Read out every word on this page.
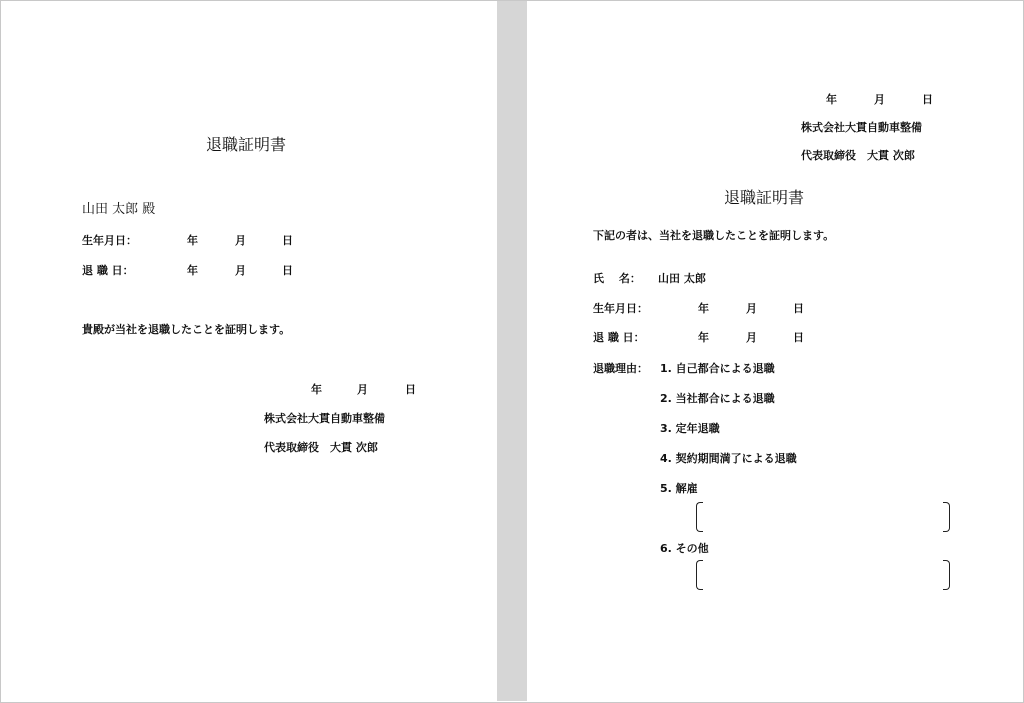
退職証明書
山田 太郎 殿
生年月日：	年	月	日
退 職 日：	年	月	日
貴殿が当社を退職したことを証明します。
年	月	日
株式会社大貫自動車整備
代表取締役　大貫 次郎
年	月	日
株式会社大貫自動車整備
代表取締役　大貫 次郎
退職証明書
下記の者は、当社を退職したことを証明します。
氏　 名： 山田 太郎
生年月日：	年	月	日
退 職 日：	年	月	日
退職理由： 1. 自己都合による退職
2. 当社都合による退職
3. 定年退職
4. 契約期間満了による退職
5. 解雇
6. その他
